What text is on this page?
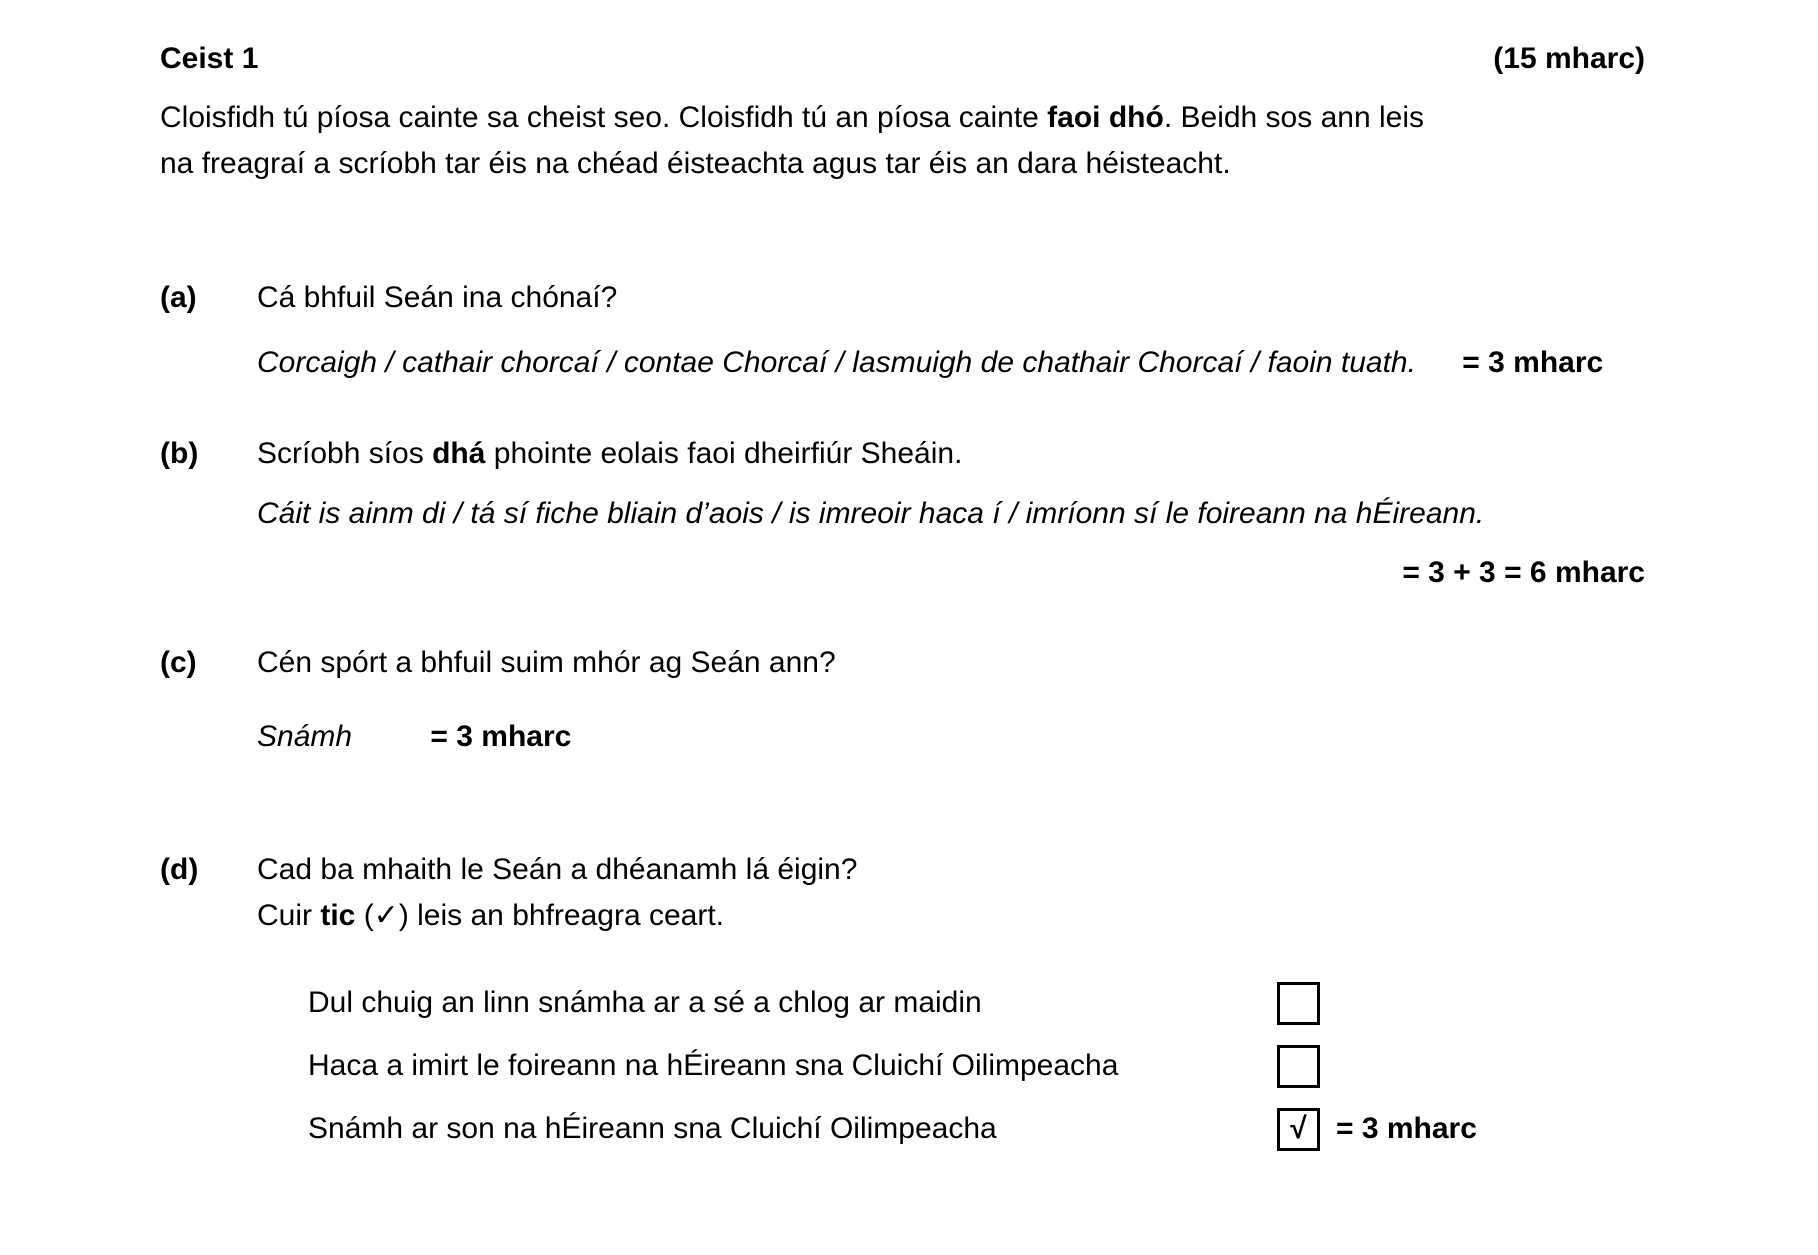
Ceist 1	(15 mharc)
Cloisfidh tú píosa cainte sa cheist seo. Cloisfidh tú an píosa cainte faoi dhó. Beidh sos ann leis
na freagraí a scríobh tar éis na chéad éisteachta agus tar éis an dara héisteacht.
(a)	Cá bhfuil Seán ina chónaí?
Corcaigh / cathair chorcaí / contae Chorcaí / lasmuigh de chathair Chorcaí / faoin tuath. = 3 mharc
(b)	Scríobh síos dhá phointe eolais faoi dheirfiúr Sheáin.
Cáit is ainm di / tá sí fiche bliain d’aois / is imreoir haca í / imríonn sí le foireann na hÉireann.
= 3 + 3 = 6 mharc
(c)	Cén spórt a bhfuil suim mhór ag Seán ann?
Snámh	= 3 mharc
(d)	Cad ba mhaith le Seán a dhéanamh lá éigin?
Cuir tic (✓) leis an bhfreagra ceart.
Dul chuig an linn snámha ar a sé a chlog ar maidin
Haca a imirt le foireann na hÉireann sna Cluichí Oilimpeacha
Snámh ar son na hÉireann sna Cluichí Oilimpeacha	√ = 3 mharc
